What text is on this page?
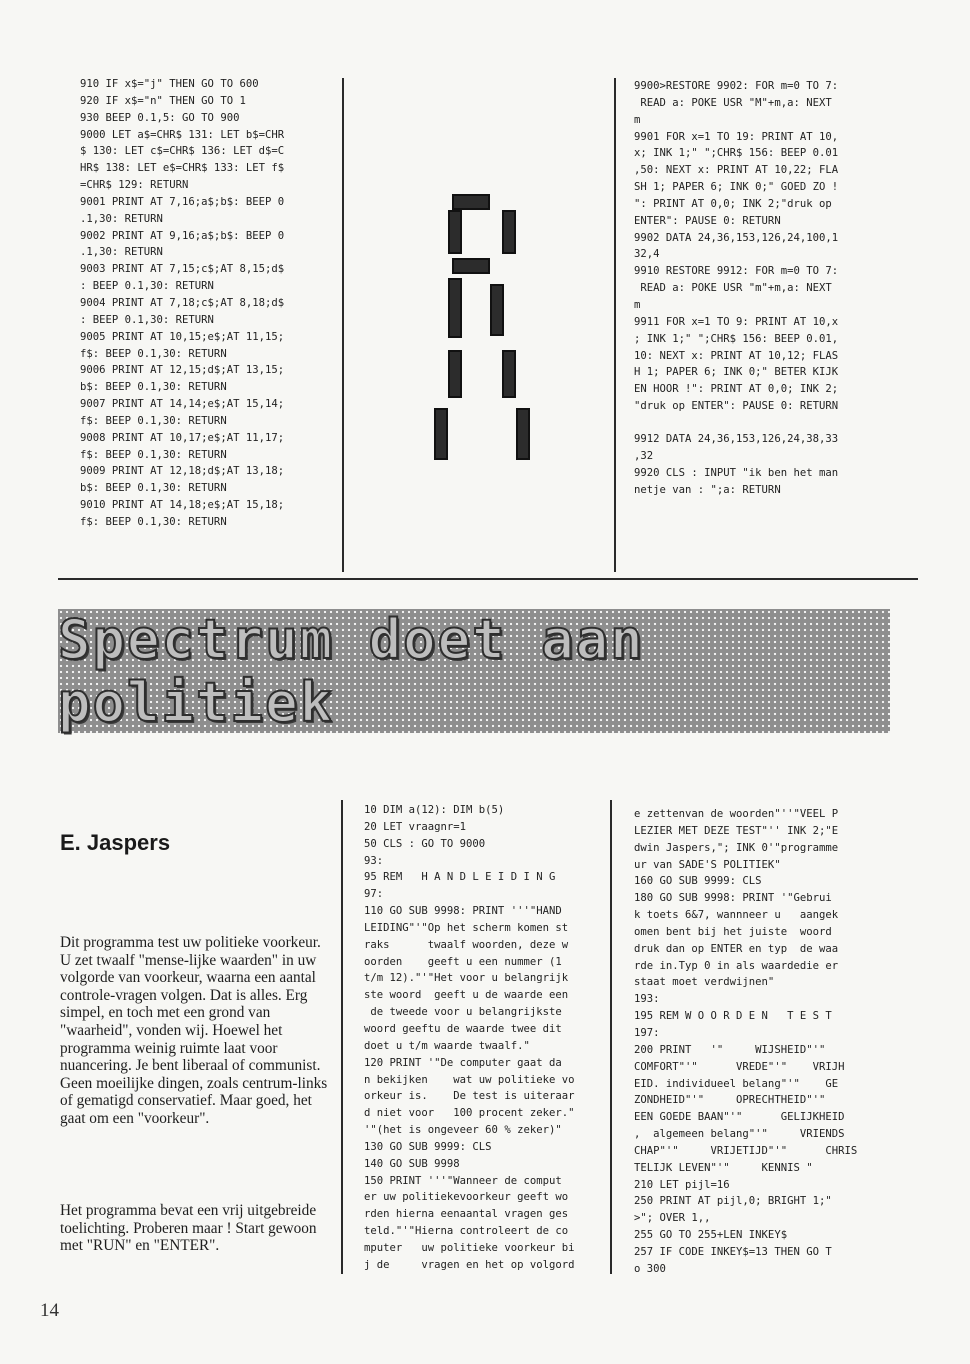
910 IF x$="j" THEN GO TO 600
920 IF x$="n" THEN GO TO 1
930 BEEP 0.1,5: GO TO 900
9000 LET a$=CHR$ 131: LET b$=CHR
$ 130: LET c$=CHR$ 136: LET d$=C
HR$ 138: LET e$=CHR$ 133: LET f$
=CHR$ 129: RETURN
9001 PRINT AT 7,16;a$;b$: BEEP 0
.1,30: RETURN
9002 PRINT AT 9,16;a$;b$: BEEP 0
.1,30: RETURN
9003 PRINT AT 7,15;c$;AT 8,15;d$
: BEEP 0.1,30: RETURN
9004 PRINT AT 7,18;c$;AT 8,18;d$
: BEEP 0.1,30: RETURN
9005 PRINT AT 10,15;e$;AT 11,15;
f$: BEEP 0.1,30: RETURN
9006 PRINT AT 12,15;d$;AT 13,15;
b$: BEEP 0.1,30: RETURN
9007 PRINT AT 14,14;e$;AT 15,14;
f$: BEEP 0.1,30: RETURN
9008 PRINT AT 10,17;e$;AT 11,17;
f$: BEEP 0.1,30: RETURN
9009 PRINT AT 12,18;d$;AT 13,18;
b$: BEEP 0.1,30: RETURN
9010 PRINT AT 14,18;e$;AT 15,18;
f$: BEEP 0.1,30: RETURN
9900>RESTORE 9902: FOR m=0 TO 7:
READ a: POKE USR "M"+m,a: NEXT
m
9901 FOR x=1 TO 19: PRINT AT 10,
x; INK 1;" ";CHR$ 156: BEEP 0.01
,50: NEXT x: PRINT AT 10,22; FLA
SH 1; PAPER 6; INK 0;" GOED ZO !
": PRINT AT 0,0; INK 2;"druk op
ENTER": PAUSE 0: RETURN
9902 DATA 24,36,153,126,24,100,1
32,4
9910 RESTORE 9912: FOR m=0 TO 7:
READ a: POKE USR "m"+m,a: NEXT
m
9911 FOR x=1 TO 9: PRINT AT 10,x
; INK 1;" ";CHR$ 156: BEEP 0.01,
10: NEXT x: PRINT AT 10,12; FLAS
H 1; PAPER 6; INK 0;" BETER KIJK
EN HOOR !": PRINT AT 0,0; INK 2;
"druk op ENTER": PAUSE 0: RETURN
9912 DATA 24,36,153,126,24,38,33
,32
9920 CLS : INPUT "ik ben het man
netje van : ";a: RETURN
Spectrum doet aan politiek
E. Jaspers

Dit programma test uw politieke voorkeur. U zet twaalf "mense-lijke waarden" in uw volgorde van voorkeur, waarna een aantal controle-vragen volgen. Dat is alles. Erg simpel, en toch met een grond van "waarheid", vonden wij. Hoewel het programma weinig ruimte laat voor nuancering. Je bent liberaal of communist. Geen moeilijke dingen, zoals centrum-links of gematigd conservatief. Maar goed, het gaat om een "voorkeur".

Het programma bevat een vrij uitgebreide toelichting. Proberen maar ! Start gewoon met "RUN" en "ENTER".

10 DIM a(12): DIM b(5)
20 LET vraagnr=1
50 CLS : GO TO 9000
93:
95 REM   H A N D L E I D I N G
97:
110 GO SUB 9998: PRINT '''"HAND
LEIDING"'"Op het scherm komen st
raks      twaalf woorden, deze w
oorden    geeft u een nummer (1
t/m 12)."'"Het voor u belangrijk
ste woord  geeft u de waarde een
de tweede voor u belangrijkste
woord geeftu de waarde twee dit
doet u t/m waarde twaalf."
120 PRINT '"De computer gaat da
n bekijken    wat uw politieke vo
orkeur is.    De test is uiteraar
d niet voor   100 procent zeker."
'"(het is ongeveer 60 % zeker)"
130 GO SUB 9999: CLS
140 GO SUB 9998
150 PRINT '''"Wanneer de comput
er uw politiekevoorkeur geeft wo
rden hierna eenaantal vragen ges
teld."'"Hierna controleert de co
mputer   uw politieke voorkeur bi
j de     vragen en het op volgord
e zettenvan de woorden"''"VEEL P
LEZIER MET DEZE TEST"'' INK 2;"E
dwin Jaspers,"; INK 0'"programme
ur van SADE'S POLITIEK"
160 GO SUB 9999: CLS
180 GO SUB 9998: PRINT '"Gebrui
k toets 6&7, wannneer u   aangek
omen bent bij het juiste  woord
druk dan op ENTER en typ  de waa
rde in.Typ 0 in als waardedie er
staat moet verdwijnen"
193:
195 REM W O O R D E N   T E S T
197:
200 PRINT   '"     WIJSHEID"'"
COMFORT"'"      VREDE"'"    VRIJH
EID. individueel belang"'"    GE
ZONDHEID"'"     OPRECHTHEID"'"
EEN GOEDE BAAN"'"      GELIJKHEID
,  algemeen belang"'"     VRIENDS
CHAP"'"     VRIJETIJD"'"      CHRIS
TELIJK LEVEN"'"     KENNIS "
210 LET pijl=16
250 PRINT AT pijl,0; BRIGHT 1;"
>"; OVER 1,,
255 GO TO 255+LEN INKEY$
257 IF CODE INKEY$=13 THEN GO T
o 300
14
